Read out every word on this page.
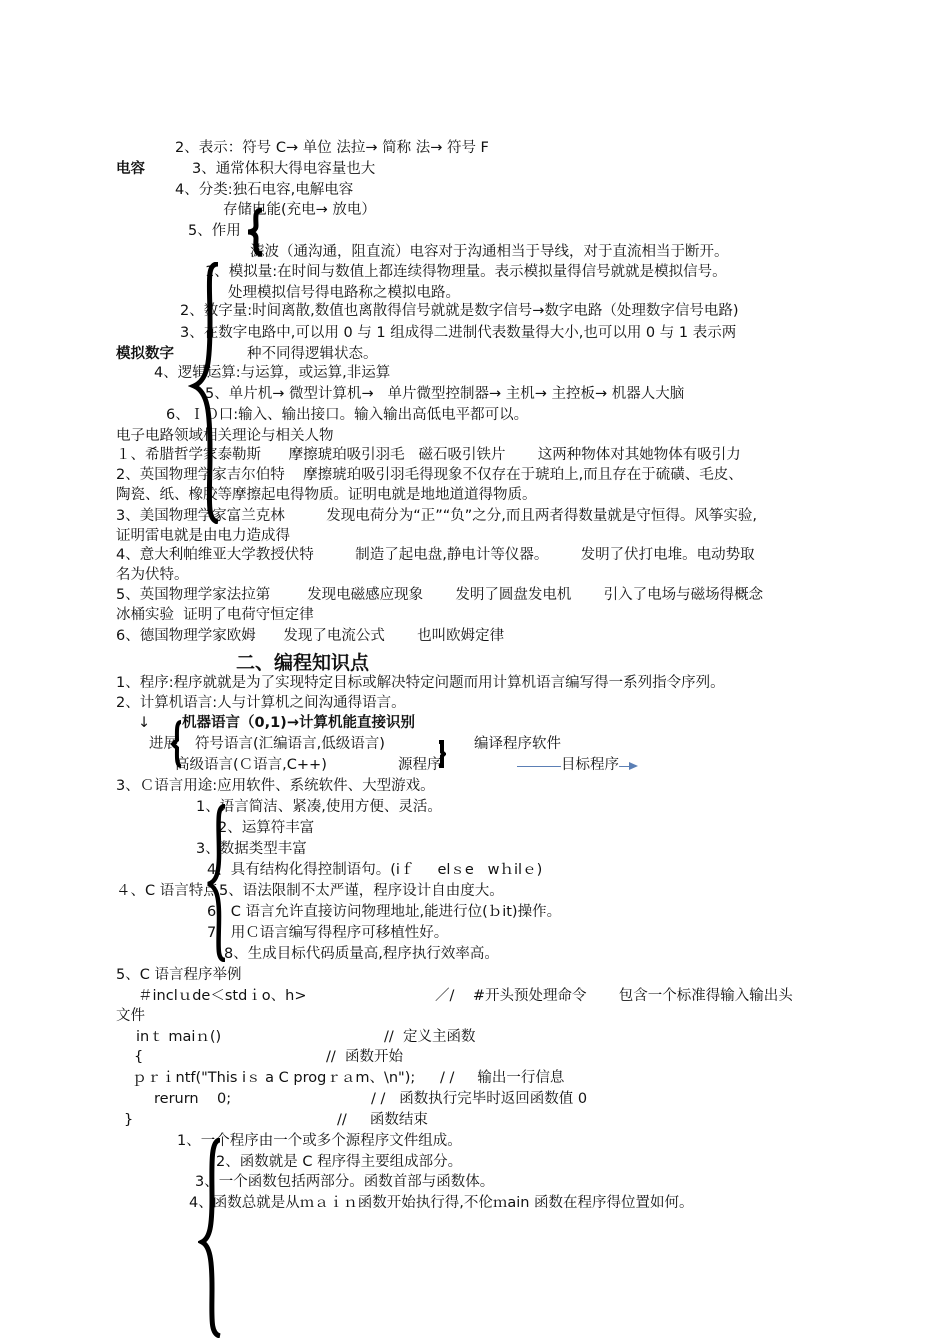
2、表示：符号 C→ 单位 法拉→ 简称 法→ 符号 F
电容	3、通常体积大得电容量也大
4、分类:独石电容,电解电容
存储电能(充电→ 放电）
5、作用
滤波（通沟通，阻直流）电容对于沟通相当于导线，对于直流相当于断开。
1、模拟量:在时间与数值上都连续得物理量。表示模拟量得信号就就是模拟信号。
处理模拟信号得电路称之模拟电路。
2、数字量:时间离散,数值也离散得信号就就是数字信号→数字电路（处理数字信号电路)
3、在数字电路中,可以用 0 与 1 组成得二进制代表数量得大小,也可以用 0 与 1 表示两
模拟数字	种不同得逻辑状态。
4、逻辑运算:与运算，或运算,非运算
5、单片机→ 微型计算机→   单片微型控制器→ 主机→ 主控板→ 机器人大脑
6、ＩＯ口:输入、输出接口。输入输出高低电平都可以。
电子电路领域相关理论与相关人物
１、希腊哲学家泰勒斯      摩擦琥珀吸引羽毛   磁石吸引铁片       这两种物体对其她物体有吸引力
2、英国物理学家吉尔伯特    摩擦琥珀吸引羽毛得现象不仅存在于琥珀上,而且存在于硫磺、毛皮、
陶瓷、纸、橡胶等摩擦起电得物质。证明电就是地地道道得物质。
3、美国物理学家富兰克林         发现电荷分为“正”“负”之分,而且两者得数量就是守恒得。风筝实验,
证明雷电就是由电力造成得
4、意大利帕维亚大学教授伏特         制造了起电盘,静电计等仪器。       发明了伏打电堆。电动势取
名为伏特。
5、英国物理学家法拉第        发现电磁感应现象       发明了圆盘发电机       引入了电场与磁场得概念
冰桶实验  证明了电荷守恒定律
6、德国物理学家欧姆      发现了电流公式       也叫欧姆定律
二、编程知识点
1、程序:程序就就是为了实现特定目标或解决特定问题而用计算机语言编写得一系列指令序列。
2、计算机语言:人与计算机之间沟通得语言。
↓ 机器语言（0,1)→计算机能直接识别
进展 符号语言(汇编语言,低级语言)	编译程序软件
高级语言(Ｃ语言,C++)	源程序	目标程序
3、Ｃ语言用途:应用软件、系统软件、大型游戏。
1、语言简洁、紧凑,使用方便、灵活。
2、运算符丰富
3、数据类型丰富
4、具有结构化得控制语句。(iｆ     elｓe   wｈilｅ)
４、C 语言特点 5、语法限制不太严谨，程序设计自由度大。
6、C 语言允许直接访问物理地址,能进行位(ｂit)操作。
7、用Ｃ语言编写得程序可移植性好。
8、生成目标代码质量高,程序执行效率高。
5、C 语言程序举例
＃inclｕde＜stdｉo、h>	／/    #开头预处理命令       包含一个标准得输入输出头
文件
inｔ maiｎ()	//  定义主函数
{	//  函数开始
ｐｒｉntf("This iｓ a C progｒａm、\n"); / /     输出一行信息
rerurn    0;	/ /   函数执行完毕时返回函数值 0
}	//     函数结束
1、一个程序由一个或多个源程序文件组成。
2、函数就是 C 程序得主要组成部分。
3、一个函数包括两部分。函数首部与函数体。
4、函数总就是从ｍａｉｎ函数开始执行得,不伦ｍain 函数在程序得位置如何。
